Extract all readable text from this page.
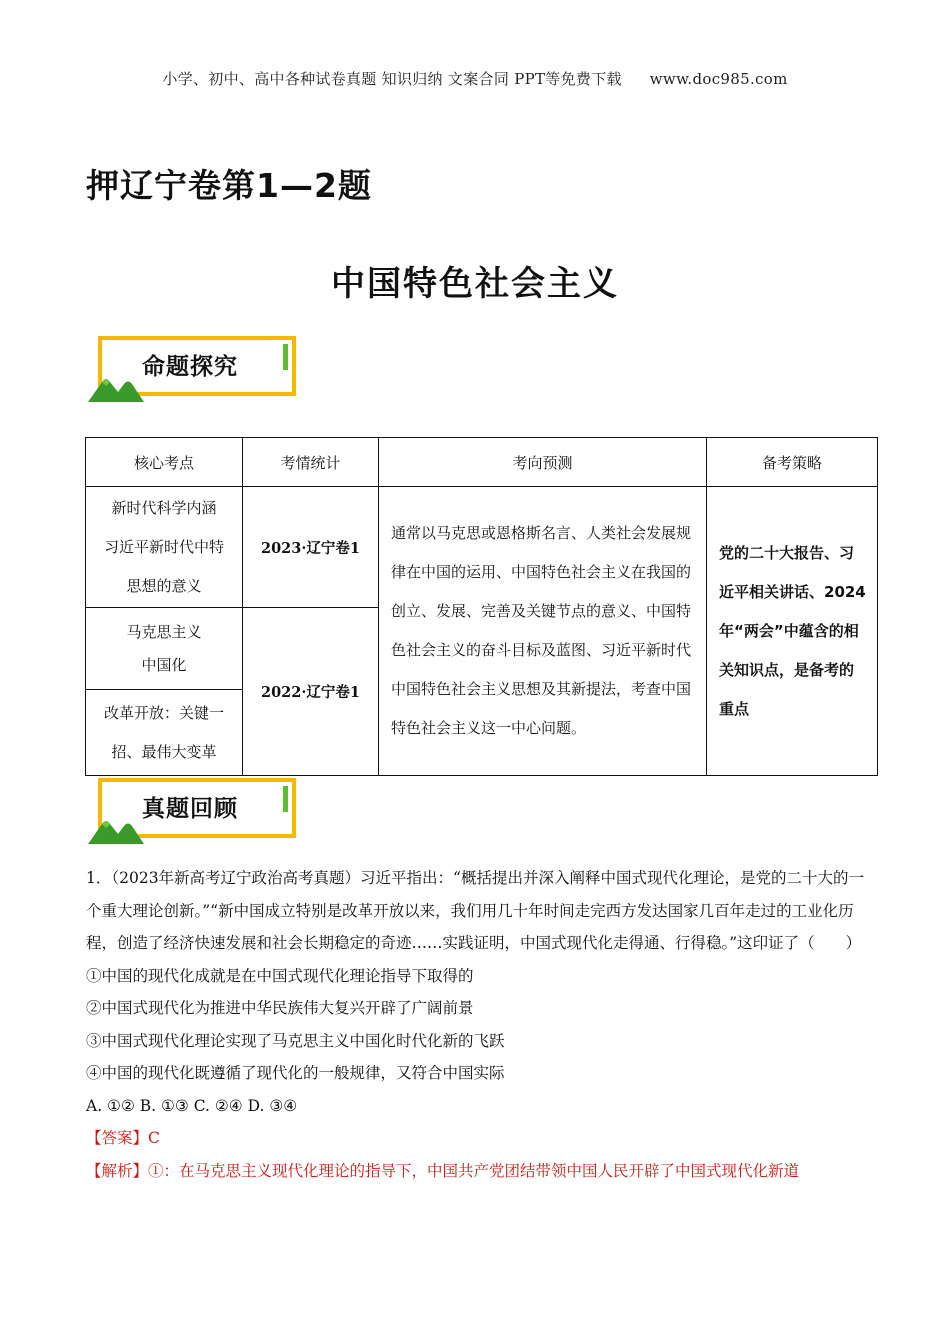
小学、初中、高中各种试卷真题 知识归纳 文案合同 PPT等免费下载 www.doc985.com
押辽宁卷第1—2题
中国特色社会主义
命题探究
核心考点	考情统计	考向预测	备考策略

新时代科学内涵
习近平新时代中特
思想的意义	2023·辽宁卷1	通常以马克思或恩格斯名言、人类社会发展规律在中国的运用、中国特色社会主义在我国的创立、发展、完善及关键节点的意义、中国特色社会主义的奋斗目标及蓝图、习近平新时代中国特色社会主义思想及其新提法，考查中国特色社会主义这一中心问题。	党的二十大报告、习近平相关讲话、2024年“两会”中蕴含的相关知识点，是备考的重点

马克思主义
中国化	2022·辽宁卷1		

改革开放：关键一
招、最伟大变革			
真题回顾

1．（2023年新高考辽宁政治高考真题）习近平指出：“概括提出并深入阐释中国式现代化理论，是党的二十大的一个重大理论创新。”“新中国成立特别是改革开放以来，我们用几十年时间走完西方发达国家几百年走过的工业化历程，创造了经济快速发展和社会长期稳定的奇迹……实践证明，中国式现代化走得通、行得稳。”这印证了（　　）

①中国的现代化成就是在中国式现代化理论指导下取得的

②中国式现代化为推进中华民族伟大复兴开辟了广阔前景

③中国式现代化理论实现了马克思主义中国化时代化新的飞跃

④中国的现代化既遵循了现代化的一般规律，又符合中国实际

A. ①② B. ①③ C. ②④ D. ③④

【答案】C

【解析】①：在马克思主义现代化理论的指导下，中国共产党团结带领中国人民开辟了中国式现代化新道
